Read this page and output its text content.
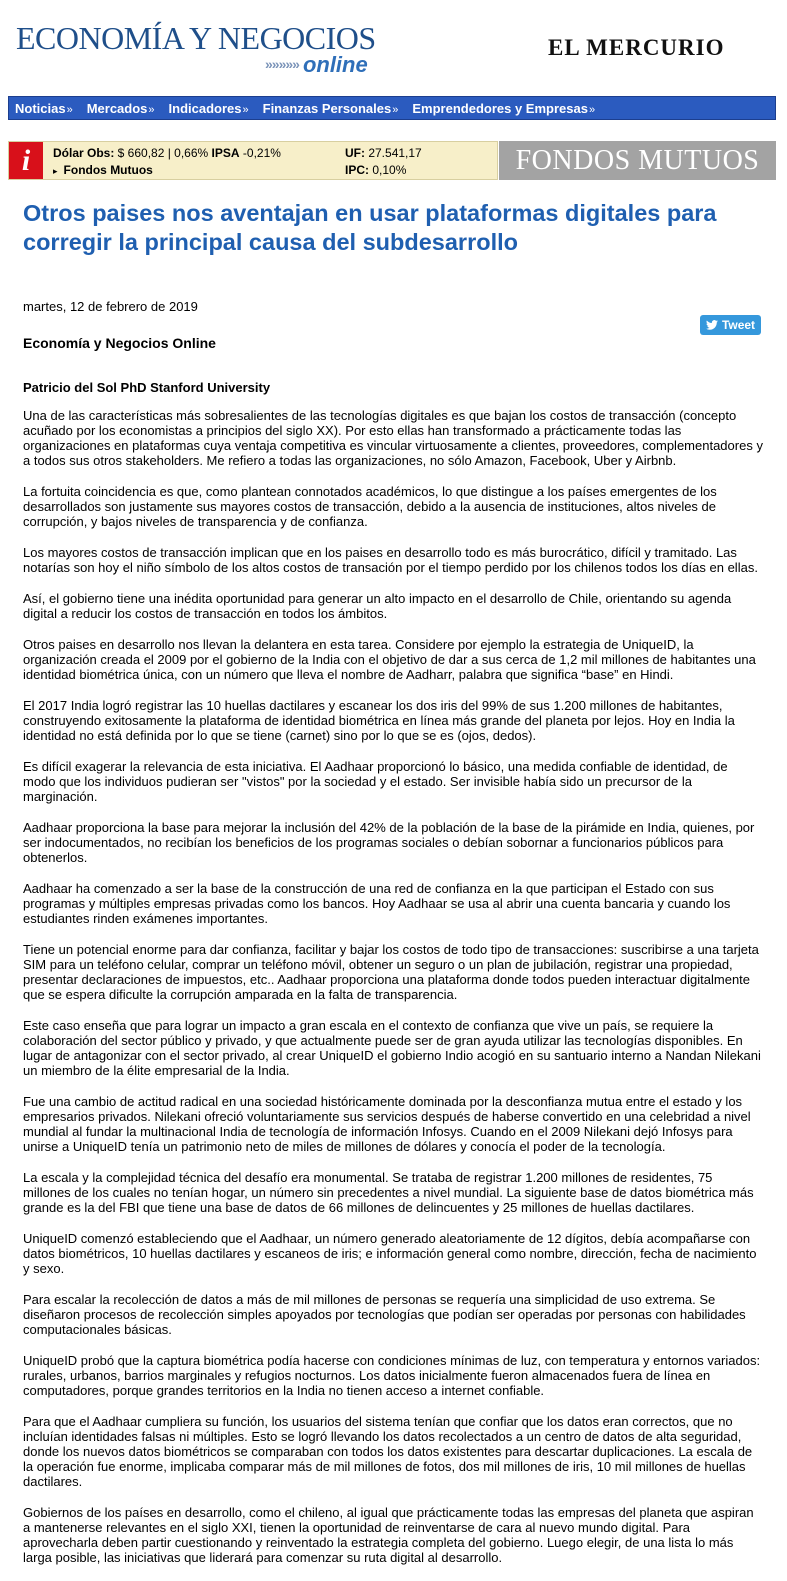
ECONOMÍA Y NEGOCIOS
»»»»» online
EL MERCURIO
Noticias» Mercados» Indicadores» Finanzas Personales» Emprendedores y Empresas»
i	Dólar Obs: $ 660,82 | 0,66% IPSA -0,21%
▸ Fondos Mutuos
UF: 27.541,17
IPC: 0,10%	FONDOS MUTUOS
Otros paises nos aventajan en usar plataformas digitales para corregir la principal causa del subdesarrollo
martes, 12 de febrero de 2019
Tweet
Economía y Negocios Online
Patricio del Sol PhD Stanford University

Una de las características más sobresalientes de las tecnologías digitales es que bajan los costos de transacción (concepto acuñado por los economistas a principios del siglo XX). Por esto ellas han transformado a prácticamente todas las organizaciones en plataformas cuya ventaja competitiva es vincular virtuosamente a clientes, proveedores, complementadores y a todos sus otros stakeholders. Me refiero a todas las organizaciones, no sólo Amazon, Facebook, Uber y Airbnb.

La fortuita coincidencia es que, como plantean connotados académicos, lo que distingue a los países emergentes de los desarrollados son justamente sus mayores costos de transacción, debido a la ausencia de instituciones, altos niveles de corrupción, y bajos niveles de transparencia y de confianza.

Los mayores costos de transacción implican que en los paises en desarrollo todo es más burocrático, difícil y tramitado. Las notarías son hoy el niño símbolo de los altos costos de transación por el tiempo perdido por los chilenos todos los días en ellas.

Así, el gobierno tiene una inédita oportunidad para generar un alto impacto en el desarrollo de Chile, orientando su agenda digital a reducir los costos de transacción en todos los ámbitos.

Otros paises en desarrollo nos llevan la delantera en esta tarea. Considere por ejemplo la estrategia de UniqueID, la organización creada el 2009 por el gobierno de la India con el objetivo de dar a sus cerca de 1,2 mil millones de habitantes una identidad biométrica única, con un número que lleva el nombre de Aadharr, palabra que significa “base” en Hindi.

El 2017 India logró registrar las 10 huellas dactilares y escanear los dos iris del 99% de sus 1.200 millones de habitantes, construyendo exitosamente la plataforma de identidad biométrica en línea más grande del planeta por lejos. Hoy en India la identidad no está definida por lo que se tiene (carnet) sino por lo que se es (ojos, dedos).

Es difícil exagerar la relevancia de esta iniciativa. El Aadhaar proporcionó lo básico, una medida confiable de identidad, de modo que los individuos pudieran ser "vistos" por la sociedad y el estado. Ser invisible había sido un precursor de la marginación.

Aadhaar proporciona la base para mejorar la inclusión del 42% de la población de la base de la pirámide en India, quienes, por ser indocumentados, no recibían los beneficios de los programas sociales o debían sobornar a funcionarios públicos para obtenerlos.

Aadhaar ha comenzado a ser la base de la construcción de una red de confianza en la que participan el Estado con sus programas y múltiples empresas privadas como los bancos. Hoy Aadhaar se usa al abrir una cuenta bancaria y cuando los estudiantes rinden exámenes importantes.

Tiene un potencial enorme para dar confianza, facilitar y bajar los costos de todo tipo de transacciones: suscribirse a una tarjeta SIM para un teléfono celular, comprar un teléfono móvil, obtener un seguro o un plan de jubilación, registrar una propiedad, presentar declaraciones de impuestos, etc.. Aadhaar proporciona una plataforma donde todos pueden interactuar digitalmente que se espera dificulte la corrupción amparada en la falta de transparencia.

Este caso enseña que para lograr un impacto a gran escala en el contexto de confianza que vive un país, se requiere la colaboración del sector público y privado, y que actualmente puede ser de gran ayuda utilizar las tecnologías disponibles. En lugar de antagonizar con el sector privado, al crear UniqueID el gobierno Indio acogió en su santuario interno a Nandan Nilekani un miembro de la élite empresarial de la India.

Fue una cambio de actitud radical en una sociedad históricamente dominada por la desconfianza mutua entre el estado y los empresarios privados. Nilekani ofreció voluntariamente sus servicios después de haberse convertido en una celebridad a nivel mundial al fundar la multinacional India de tecnología de información Infosys. Cuando en el 2009 Nilekani dejó Infosys para unirse a UniqueID tenía un patrimonio neto de miles de millones de dólares y conocía el poder de la tecnología.

La escala y la complejidad técnica del desafío era monumental. Se trataba de registrar 1.200 millones de residentes, 75 millones de los cuales no tenían hogar, un número sin precedentes a nivel mundial. La siguiente base de datos biométrica más grande es la del FBI que tiene una base de datos de 66 millones de delincuentes y 25 millones de huellas dactilares.

UniqueID comenzó estableciendo que el Aadhaar, un número generado aleatoriamente de 12 dígitos, debía acompañarse con datos biométricos, 10 huellas dactilares y escaneos de iris; e información general como nombre, dirección, fecha de nacimiento y sexo.

Para escalar la recolección de datos a más de mil millones de personas se requería una simplicidad de uso extrema. Se diseñaron procesos de recolección simples apoyados por tecnologías que podían ser operadas por personas con habilidades computacionales básicas.

UniqueID probó que la captura biométrica podía hacerse con condiciones mínimas de luz, con temperatura y entornos variados: rurales, urbanos, barrios marginales y refugios nocturnos. Los datos inicialmente fueron almacenados fuera de línea en computadores, porque grandes territorios en la India no tienen acceso a internet confiable.

Para que el Aadhaar cumpliera su función, los usuarios del sistema tenían que confiar que los datos eran correctos, que no incluían identidades falsas ni múltiples. Esto se logró llevando los datos recolectados a un centro de datos de alta seguridad, donde los nuevos datos biométricos se comparaban con todos los datos existentes para descartar duplicaciones. La escala de la operación fue enorme, implicaba comparar más de mil millones de fotos, dos mil millones de iris, 10 mil millones de huellas dactilares.

Gobiernos de los países en desarrollo, como el chileno, al igual que prácticamente todas las empresas del planeta que aspiran a mantenerse relevantes en el siglo XXI, tienen la oportunidad de reinventarse de cara al nuevo mundo digital. Para aprovecharla deben partir cuestionando y reinventado la estrategia completa del gobierno. Luego elegir, de una lista lo más larga posible, las iniciativas que liderará para comenzar su ruta digital al desarrollo.
